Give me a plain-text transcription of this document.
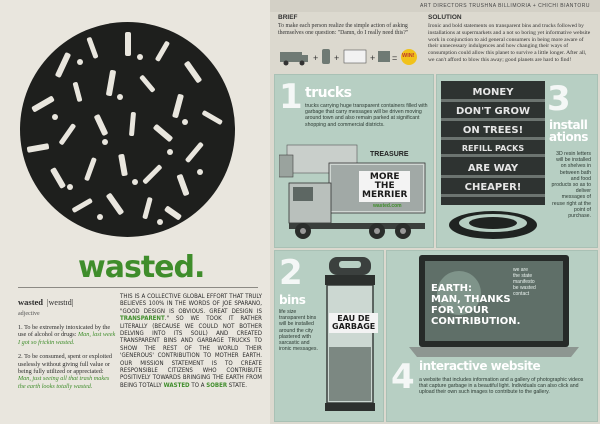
wasted.
wasted |weɪstɪd|
adjective
1. To be extremely intoxicated by the use of alcohol or drugs: Man, last week I got so frickin wasted.
2. To be consumed, spent or exploited uselessly without giving full value or being fully utilized or appreciated: Man, just seeing all that trash makes the earth looks totally wasted.
THIS IS A COLLECTIVE GLOBAL EFFORT THAT TRULY BELIEVES 100% IN THE WORDS OF JOE SPARANO, "GOOD DESIGN IS OBVIOUS. GREAT DESIGN IS TRANSPARENT." SO WE TOOK IT RATHER LITERALLY (BECAUSE WE COULD NOT BOTHER DELVING INTO ITS SOUL) AND CREATED TRANSPARENT BINS AND GARBAGE TRUCKS TO SHOW THE REST OF THE WORLD THEIR 'GENEROUS' CONTRIBUTION TO MOTHER EARTH. OUR MISSION STATEMENT IS TO CREATE RESPONSIBLE CITIZENS WHO CONTRIBUTE POSITIVELY TOWARDS BRINGING THE EARTH FROM BEING TOTALLY WASTED TO A SOBER STATE.
ART DIRECTORS TRUSHNA BILLIMORIA + CHICHI BIANTORU
BRIEF
To make each person realize the simple action of asking themselves one question: "Damn, do I really need this?"
+ +	+ = WIN!
SOLUTION
Ironic and bold statements on transparent bins and trucks followed by installations at supermarkets and a not so boring yet informative website work in conjunction to aid general consumers in being more aware of their unnecessary indulgences and how changing their ways of consumption could allow this planet to survive a little longer. After all, we can't afford to blow this away; good planets are hard to find!
1 trucks
trucks carrying huge transparent containers filled with garbage that carry messages will be driven moving around town and also remain parked at significant shopping and commercial districts.
TREASURE
MORE
THE
MERRIER
wasted.com
MONEY
DON'T GROW
ON TREES!
REFILL PACKS
ARE WAY
CHEAPER!
3
install ations
3D resin letters will be installed on shelves in between bath and food products so as to deliver messages of reuse right at the point of purchase.
2
bins
life size transparent bins will be installed around the city plastered with sarcastic and ironic messages.
EAU DE
GARBAGE
EARTH:
MAN, THANKS
FOR YOUR
CONTRIBUTION.
we are
the state
manifesto
be wasted
contact
4 interactive website
a website that includes information and a gallery of photographic videos that capture garbage in a beautiful light. Individuals can also click and upload their own such images to contribute to the gallery.
